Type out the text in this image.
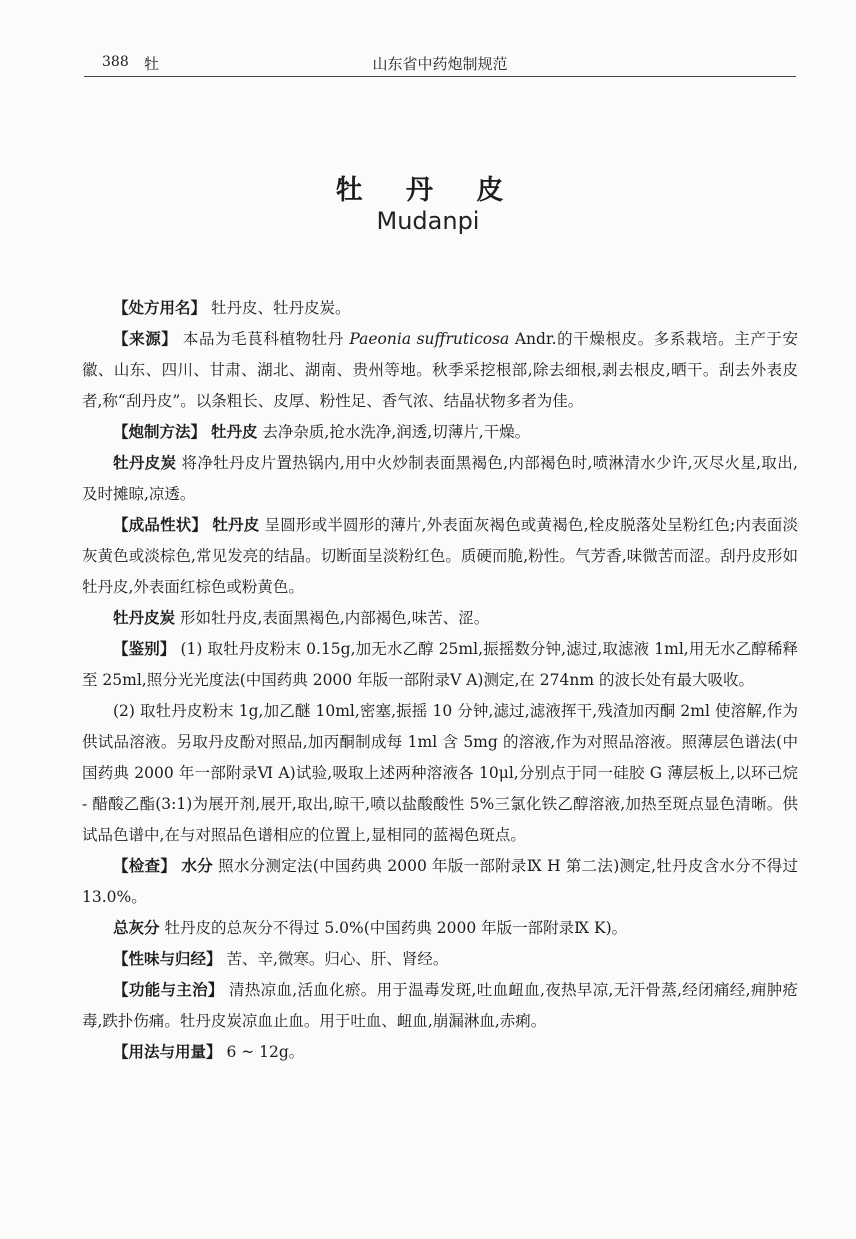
388 牡	山东省中药炮制规范
牡 丹 皮
Mudanpi

【处方用名】 牡丹皮、牡丹皮炭。

【来源】 本品为毛茛科植物牡丹 Paeonia suffruticosa Andr.的干燥根皮。多系栽培。主产于安徽、山东、四川、甘肃、湖北、湖南、贵州等地。秋季采挖根部,除去细根,剥去根皮,晒干。刮去外表皮者,称“刮丹皮”。以条粗长、皮厚、粉性足、香气浓、结晶状物多者为佳。

【炮制方法】 牡丹皮 去净杂质,抢水洗净,润透,切薄片,干燥。

牡丹皮炭 将净牡丹皮片置热锅内,用中火炒制表面黑褐色,内部褐色时,喷淋清水少许,灭尽火星,取出,及时摊晾,凉透。

【成品性状】 牡丹皮 呈圆形或半圆形的薄片,外表面灰褐色或黄褐色,栓皮脱落处呈粉红色;内表面淡灰黄色或淡棕色,常见发亮的结晶。切断面呈淡粉红色。质硬而脆,粉性。气芳香,味微苦而涩。刮丹皮形如牡丹皮,外表面红棕色或粉黄色。

牡丹皮炭 形如牡丹皮,表面黑褐色,内部褐色,味苦、涩。

【鉴别】 (1) 取牡丹皮粉末 0.15g,加无水乙醇 25ml,振摇数分钟,滤过,取滤液 1ml,用无水乙醇稀释至 25ml,照分光光度法(中国药典 2000 年版一部附录Ⅴ A)测定,在 274nm 的波长处有最大吸收。

(2) 取牡丹皮粉末 1g,加乙醚 10ml,密塞,振摇 10 分钟,滤过,滤液挥干,残渣加丙酮 2ml 使溶解,作为供试品溶液。另取丹皮酚对照品,加丙酮制成每 1ml 含 5mg 的溶液,作为对照品溶液。照薄层色谱法(中国药典 2000 年一部附录Ⅵ A)试验,吸取上述两种溶液各 10μl,分别点于同一硅胶 G 薄层板上,以环己烷 - 醋酸乙酯(3:1)为展开剂,展开,取出,晾干,喷以盐酸酸性 5%三氯化铁乙醇溶液,加热至斑点显色清晰。供试品色谱中,在与对照品色谱相应的位置上,显相同的蓝褐色斑点。

【检查】 水分 照水分测定法(中国药典 2000 年版一部附录Ⅸ H 第二法)测定,牡丹皮含水分不得过 13.0%。

总灰分 牡丹皮的总灰分不得过 5.0%(中国药典 2000 年版一部附录Ⅸ K)。

【性味与归经】 苦、辛,微寒。归心、肝、肾经。

【功能与主治】 清热凉血,活血化瘀。用于温毒发斑,吐血衄血,夜热早凉,无汗骨蒸,经闭痛经,痈肿疮毒,跌扑伤痛。牡丹皮炭凉血止血。用于吐血、衄血,崩漏淋血,赤痢。

【用法与用量】 6 ~ 12g。
